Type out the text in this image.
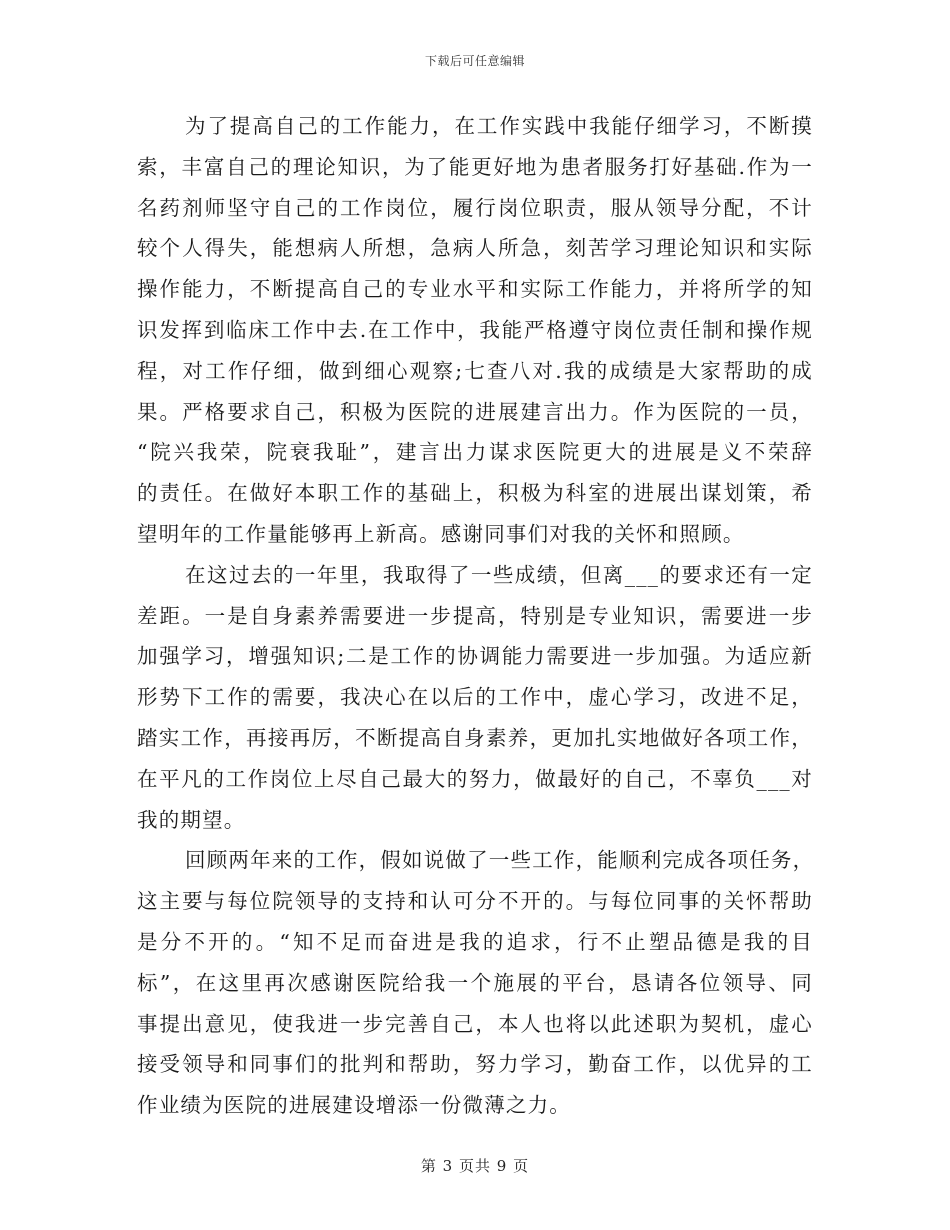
下载后可任意编辑
为了提高自己的工作能力，在工作实践中我能仔细学习，不断摸
索，丰富自己的理论知识，为了能更好地为患者服务打好基础.作为一
名药剂师坚守自己的工作岗位，履行岗位职责，服从领导分配，不计
较个人得失，能想病人所想，急病人所急，刻苦学习理论知识和实际
操作能力，不断提高自己的专业水平和实际工作能力，并将所学的知
识发挥到临床工作中去.在工作中，我能严格遵守岗位责任制和操作规
程，对工作仔细，做到细心观察;七查八对.我的成绩是大家帮助的成
果。严格要求自己，积极为医院的进展建言出力。作为医院的一员，
“院兴我荣，院衰我耻”，建言出力谋求医院更大的进展是义不荣辞
的责任。在做好本职工作的基础上，积极为科室的进展出谋划策，希
望明年的工作量能够再上新高。感谢同事们对我的关怀和照顾。
在这过去的一年里，我取得了一些成绩，但离___的要求还有一定
差距。一是自身素养需要进一步提高，特别是专业知识，需要进一步
加强学习，增强知识;二是工作的协调能力需要进一步加强。为适应新
形势下工作的需要，我决心在以后的工作中，虚心学习，改进不足，
踏实工作，再接再厉，不断提高自身素养，更加扎实地做好各项工作，
在平凡的工作岗位上尽自己最大的努力，做最好的自己，不辜负___对
我的期望。
回顾两年来的工作，假如说做了一些工作，能顺利完成各项任务，
这主要与每位院领导的支持和认可分不开的。与每位同事的关怀帮助
是分不开的。“知不足而奋进是我的追求，行不止塑品德是我的目
标”，在这里再次感谢医院给我一个施展的平台，恳请各位领导、同
事提出意见，使我进一步完善自己，本人也将以此述职为契机，虚心
接受领导和同事们的批判和帮助，努力学习，勤奋工作，以优异的工
作业绩为医院的进展建设增添一份微薄之力。
第 3 页共 9 页
